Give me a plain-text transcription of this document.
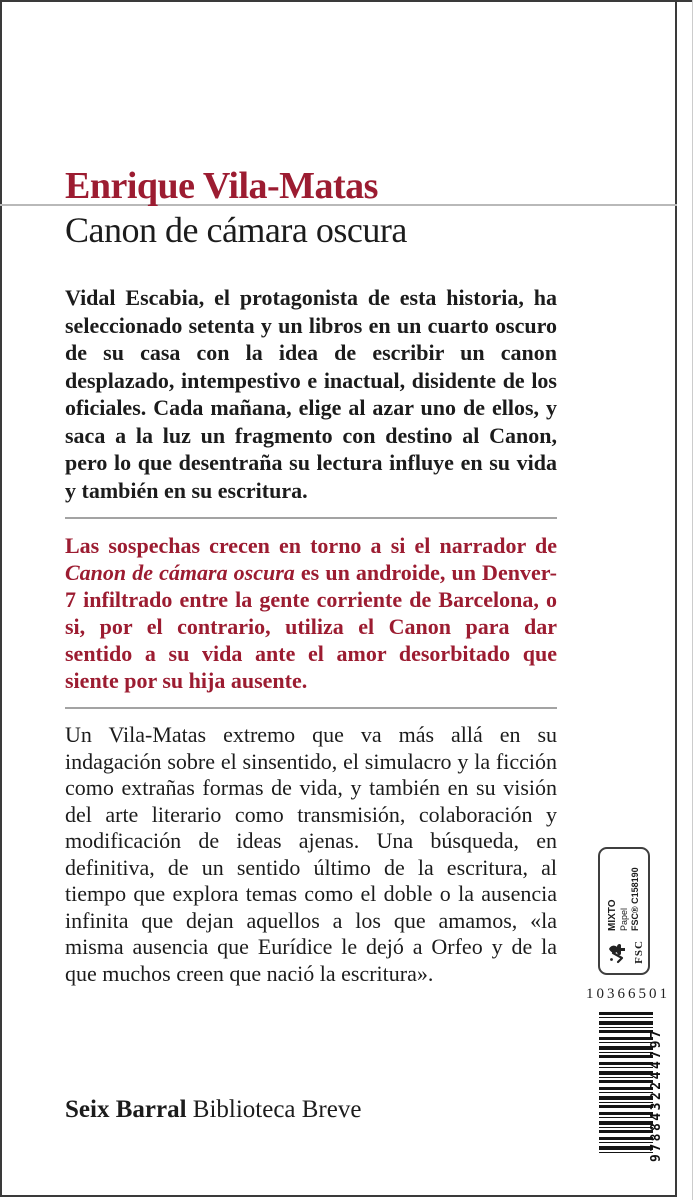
Enrique Vila-Matas
Canon de cámara oscura

Vidal Escabia, el protagonista de esta historia, ha seleccionado setenta y un libros en un cuarto oscuro de su casa con la idea de escribir un canon desplazado, intempestivo e inactual, disidente de los oficiales. Cada mañana, elige al azar uno de ellos, y saca a la luz un fragmento con destino al Canon, pero lo que desentraña su lectura influye en su vida y también en su escritura.

Las sospechas crecen en torno a si el narrador de Canon de cámara oscura es un androide, un Denver-7 infiltrado entre la gente corriente de Barcelona, o si, por el contrario, utiliza el Canon para dar sentido a su vida ante el amor desorbitado que siente por su hija ausente.

Un Vila-Matas extremo que va más allá en su indagación sobre el sinsentido, el simulacro y la ficción como extrañas formas de vida, y también en su visión del arte literario como transmisión, colaboración y modificación de ideas ajenas. Una búsqueda, en definitiva, de un sentido último de la escritura, al tiempo que explora temas como el doble o la ausencia infinita que dejan aquellos a los que amamos, «la misma ausencia que Eurídice le dejó a Orfeo y de la que muchos creen que nació la escritura».

FSC
MIXTO Papel FSC® C158190
10366501
9788432244797
Seix Barral Biblioteca Breve
